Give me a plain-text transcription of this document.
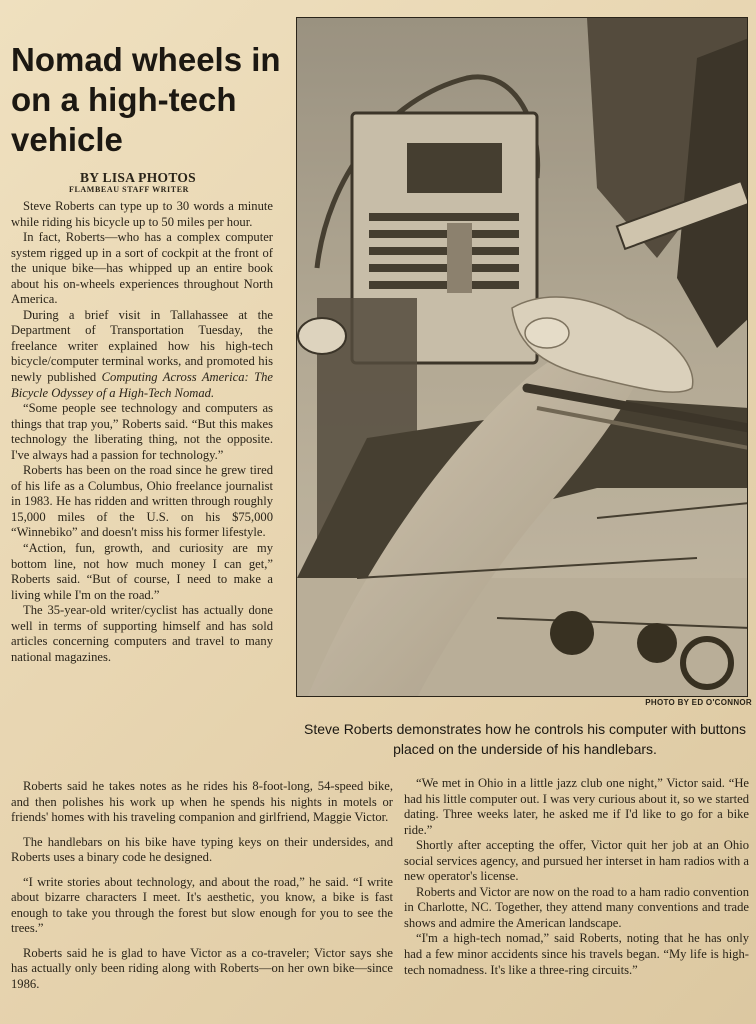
Nomad wheels in on a high-tech vehicle

BY LISA PHOTOS

FLAMBEAU STAFF WRITER

Steve Roberts can type up to 30 words a minute while riding his bicycle up to 50 miles per hour.

In fact, Roberts—who has a complex computer system rigged up in a sort of cockpit at the front of the unique bike—has whipped up an entire book about his on-wheels experiences throughout North America.

During a brief visit in Tallahassee at the Department of Transportation Tuesday, the freelance writer explained how his high-tech bicycle/computer terminal works, and promoted his newly published Computing Across America: The Bicycle Odyssey of a High-Tech Nomad.

“Some people see technology and computers as things that trap you,” Roberts said. “But this makes technology the liberating thing, not the opposite. I've always had a passion for technology.”

Roberts has been on the road since he grew tired of his life as a Columbus, Ohio freelance journalist in 1983. He has ridden and written through roughly 15,000 miles of the U.S. on his $75,000 “Winnebiko” and doesn't miss his former lifestyle.

“Action, fun, growth, and curiosity are my bottom line, not how much money I can get,” Roberts said. “But of course, I need to make a living while I'm on the road.”

The 35-year-old writer/cyclist has actually done well in terms of supporting himself and has sold articles concerning computers and travel to many national magazines.

PHOTO BY ED O'CONNOR
Steve Roberts demonstrates how he controls his computer with buttons placed on the underside of his handlebars.

Roberts said he takes notes as he rides his 8-foot-long, 54-speed bike, and then polishes his work up when he spends his nights in motels or friends' homes with his traveling companion and girlfriend, Maggie Victor.

The handlebars on his bike have typing keys on their undersides, and Roberts uses a binary code he designed.

“I write stories about technology, and about the road,” he said. “I write about bizarre characters I meet. It's aesthetic, you know, a bike is fast enough to take you through the forest but slow enough for you to see the trees.”

Roberts said he is glad to have Victor as a co-traveler; Victor says she has actually only been riding along with Roberts—on her own bike—since 1986.

“We met in Ohio in a little jazz club one night,” Victor said. “He had his little computer out. I was very curious about it, so we started dating. Three weeks later, he asked me if I'd like to go for a bike ride.”

Shortly after accepting the offer, Victor quit her job at an Ohio social services agency, and pursued her interset in ham radios with a new operator's license.

Roberts and Victor are now on the road to a ham radio convention in Charlotte, NC. Together, they attend many conventions and trade shows and admire the American landscape.

“I'm a high-tech nomad,” said Roberts, noting that he has only had a few minor accidents since his travels began. “My life is high-tech nomadness. It's like a three-ring circuits.”
